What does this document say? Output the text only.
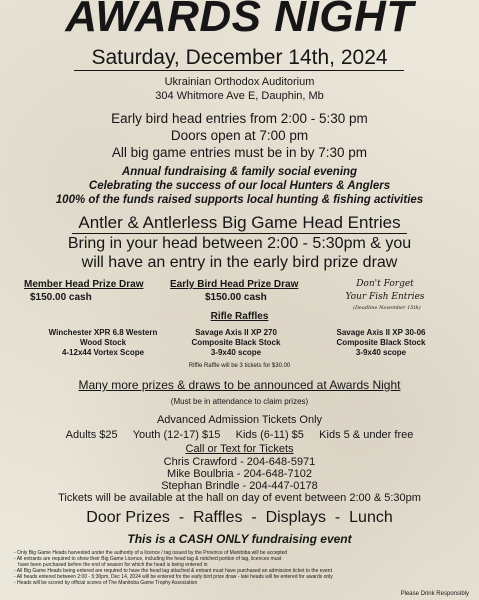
AWARDS NIGHT
Saturday, December 14th, 2024
Ukrainian Orthodox Auditorium
304 Whitmore Ave E, Dauphin, Mb
Early bird head entries from 2:00 - 5:30 pm
Doors open at 7:00 pm
All big game entries must be in by 7:30 pm
Annual fundraising & family social evening
Celebrating the success of our local Hunters & Anglers
100% of the funds raised supports local hunting & fishing activities
Antler & Antlerless Big Game Head Entries
Bring in your head between 2:00 - 5:30pm & you
will have an entry in the early bird prize draw
Member Head Prize Draw
$150.00 cash
Early Bird Head Prize Draw
$150.00 cash
Don't Forget
Your Fish Entries
(Deadline November 15th)
Rifle Raffles
Winchester XPR 6.8 Western
Wood Stock
4-12x44 Vortex Scope
Savage Axis II XP 270
Composite Black Stock
3-9x40 scope
Savage Axis II XP 30-06
Composite Black Stock
3-9x40 scope
Riffle Raffle will be 3 tickets for $30.00
Many more prizes & draws to be announced at Awards Night
(Must be in attendance to claim prizes)
Advanced Admission Tickets Only
Adults $25     Youth (12-17) $15     Kids (6-11) $5     Kids 5 & under free
Call or Text for Tickets
Chris Crawford - 204-648-5971
Mike Boulbria - 204-648-7102
Stephan Brindle - 204-447-0178
Tickets will be available at the hall on day of event between 2:00 & 5:30pm
Door Prizes  -  Raffles  -  Displays  -  Lunch
This is a CASH ONLY fundraising event
- Only Big Game Heads harvested under the authority of a licence / tag issued by the Province of Manitoba will be accepted
- All entrants are required to show their Big Game Licence, including the head tag & notched portion of tag, licences must
have been purchased before the end of season for which the head is being entered in
- All Big Game Heads being entered are required to have the head tag attached & entrant must have purchased an admission ticket to the event
- All heads entered between 2:00 - 5:30pm, Dec 14, 2024 will be entered for the early bird prize draw - late heads will be entered for awards only
- Heads will be scored by official scores of The Manitoba Game Trophy Association
Please Drink Responsibly
